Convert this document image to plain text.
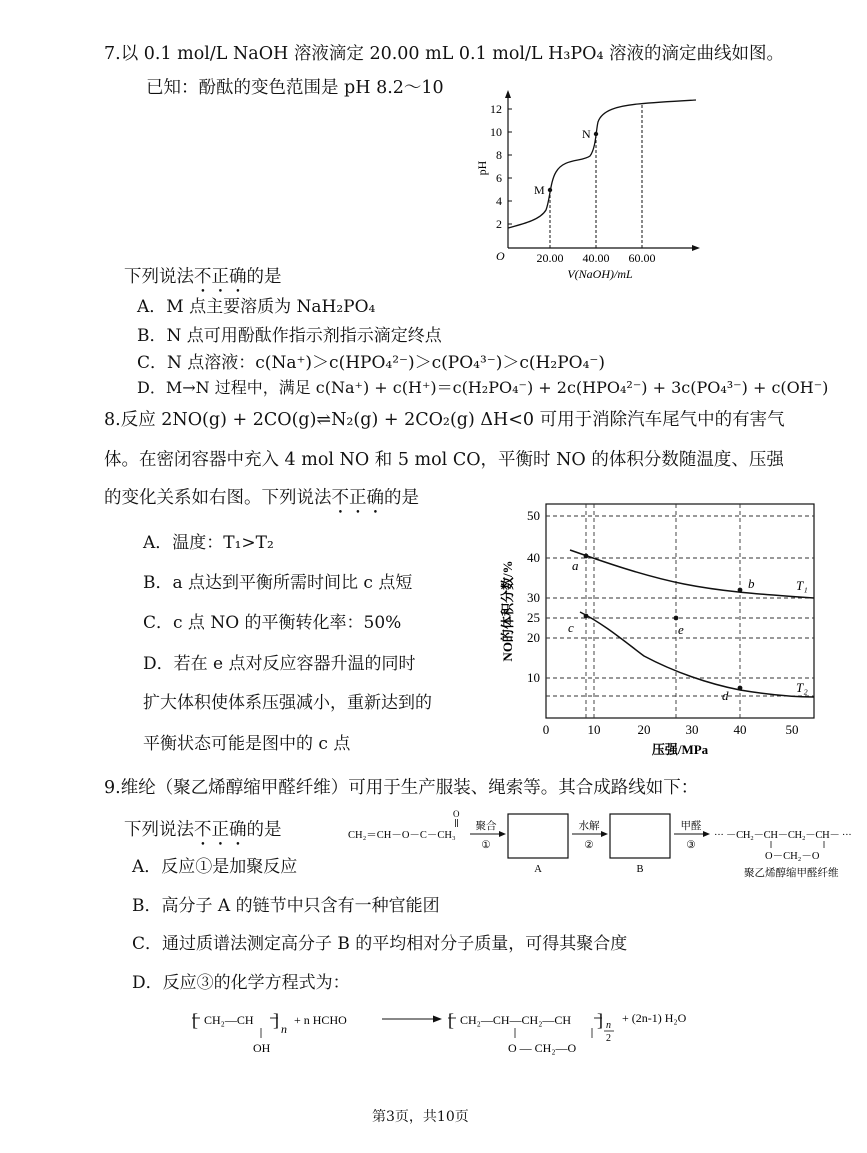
7.以 0.1 mol/L NaOH 溶液滴定 20.00 mL 0.1 mol/L H₃PO₄ 溶液的滴定曲线如图。
已知：酚酞的变色范围是 pH 8.2～10
2
4
6
8
10
12
pH
O	20.00 40.00 60.00
V(NaOH)/mL
M
N
下列说法不正确的是
A．M 点主要溶质为 NaH₂PO₄
B．N 点可用酚酞作指示剂指示滴定终点
C．N 点溶液：c(Na⁺)＞c(HPO₄²⁻)＞c(PO₄³⁻)＞c(H₂PO₄⁻)
D．M→N 过程中，满足 c(Na⁺) + c(H⁺)＝c(H₂PO₄⁻) + 2c(HPO₄²⁻) + 3c(PO₄³⁻) + c(OH⁻)
8.反应 2NO(g) + 2CO(g)⇌N₂(g) + 2CO₂(g) ΔH<0 可用于消除汽车尾气中的有害气
体。在密闭容器中充入 4 mol NO 和 5 mol CO，平衡时 NO 的体积分数随温度、压强
的变化关系如右图。下列说法不正确的是
A．温度：T₁>T₂
B．a 点达到平衡所需时间比 c 点短
C．c 点 NO 的平衡转化率：50%
D．若在 e 点对反应容器升温的同时
扩大体积使体系压强减小，重新达到的
平衡状态可能是图中的 c 点
50
40
30
25
20
10
0	10	20	30	40	50
压强/MPa
NO的体积分数/%	a
b
c
d
e
T₁
T₂
9.维纶（聚乙烯醇缩甲醛纤维）可用于生产服装、绳索等。其合成路线如下：
下列说法不正确的是	CH₂＝CH－O－C－CH₃
O
聚合
①
A
水解
②
B
甲醛
③
··· －CH₂－CH－CH₂－CH－ ···
O－CH₂－O
聚乙烯醇缩甲醛纤维
A．反应①是加聚反应
B．高分子 A 的链节中只含有一种官能团
C．通过质谱法测定高分子 B 的平均相对分子质量，可得其聚合度
D．反应③的化学方程式为：
[ CH₂—CH ] n
OH
+ n HCHO	[ CH₂—CH—CH₂—CH ]
O — CH₂—O
n
2
+ (2n-1) H₂O
第3页，共10页
